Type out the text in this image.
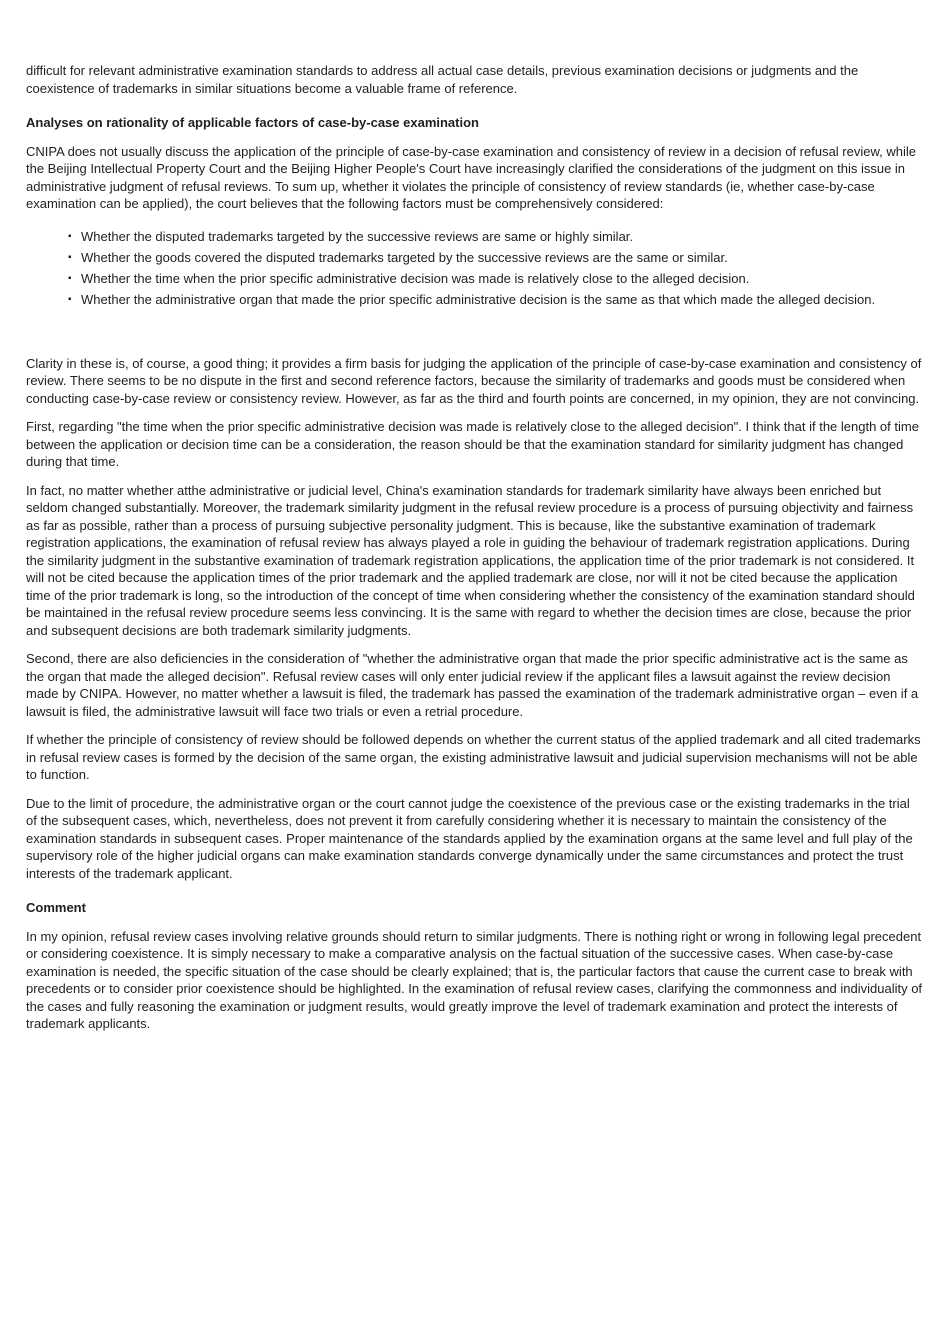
difficult for relevant administrative examination standards to address all actual case details, previous examination decisions or judgments and the coexistence of trademarks in similar situations become a valuable frame of reference.

Analyses on rationality of applicable factors of case-by-case examination

CNIPA does not usually discuss the application of the principle of case-by-case examination and consistency of review in a decision of refusal review, while the Beijing Intellectual Property Court and the Beijing Higher People's Court have increasingly clarified the considerations of the judgment on this issue in administrative judgment of refusal reviews. To sum up, whether it violates the principle of consistency of review standards (ie, whether case-by-case examination can be applied), the court believes that the following factors must be comprehensively considered:

▪ Whether the disputed trademarks targeted by the successive reviews are same or highly similar.
▪ Whether the goods covered the disputed trademarks targeted by the successive reviews are the same or similar.
▪ Whether the time when the prior specific administrative decision was made is relatively close to the alleged decision.
▪ Whether the administrative organ that made the prior specific administrative decision is the same as that which made the alleged decision.

Clarity in these is, of course, a good thing; it provides a firm basis for judging the application of the principle of case-by-case examination and consistency of review. There seems to be no dispute in the first and second reference factors, because the similarity of trademarks and goods must be considered when conducting case-by-case review or consistency review. However, as far as the third and fourth points are concerned, in my opinion, they are not convincing.

First, regarding "the time when the prior specific administrative decision was made is relatively close to the alleged decision". I think that if the length of time between the application or decision time can be a consideration, the reason should be that the examination standard for similarity judgment has changed during that time.

In fact, no matter whether atthe administrative or judicial level, China's examination standards for trademark similarity have always been enriched but seldom changed substantially. Moreover, the trademark similarity judgment in the refusal review procedure is a process of pursuing objectivity and fairness as far as possible, rather than a process of pursuing subjective personality judgment. This is because, like the substantive examination of trademark registration applications, the examination of refusal review has always played a role in guiding the behaviour of trademark registration applications. During the similarity judgment in the substantive examination of trademark registration applications, the application time of the prior trademark is not considered. It will not be cited because the application times of the prior trademark and the applied trademark are close, nor will it not be cited because the application time of the prior trademark is long, so the introduction of the concept of time when considering whether the consistency of the examination standard should be maintained in the refusal review procedure seems less convincing. It is the same with regard to whether the decision times are close, because the prior and subsequent decisions are both trademark similarity judgments.

Second, there are also deficiencies in the consideration of "whether the administrative organ that made the prior specific administrative act is the same as the organ that made the alleged decision". Refusal review cases will only enter judicial review if the applicant files a lawsuit against the review decision made by CNIPA. However, no matter whether a lawsuit is filed, the trademark has passed the examination of the trademark administrative organ – even if a lawsuit is filed, the administrative lawsuit will face two trials or even a retrial procedure.

If whether the principle of consistency of review should be followed depends on whether the current status of the applied trademark and all cited trademarks in refusal review cases is formed by the decision of the same organ, the existing administrative lawsuit and judicial supervision mechanisms will not be able to function.

Due to the limit of procedure, the administrative organ or the court cannot judge the coexistence of the previous case or the existing trademarks in the trial of the subsequent cases, which, nevertheless, does not prevent it from carefully considering whether it is necessary to maintain the consistency of the examination standards in subsequent cases. Proper maintenance of the standards applied by the examination organs at the same level and full play of the supervisory role of the higher judicial organs can make examination standards converge dynamically under the same circumstances and protect the trust interests of the trademark applicant.

Comment

In my opinion, refusal review cases involving relative grounds should return to similar judgments. There is nothing right or wrong in following legal precedent or considering coexistence. It is simply necessary to make a comparative analysis on the factual situation of the successive cases. When case-by-case examination is needed, the specific situation of the case should be clearly explained; that is, the particular factors that cause the current case to break with precedents or to consider prior coexistence should be highlighted. In the examination of refusal review cases, clarifying the commonness and individuality of the cases and fully reasoning the examination or judgment results, would greatly improve the level of trademark examination and protect the interests of trademark applicants.
